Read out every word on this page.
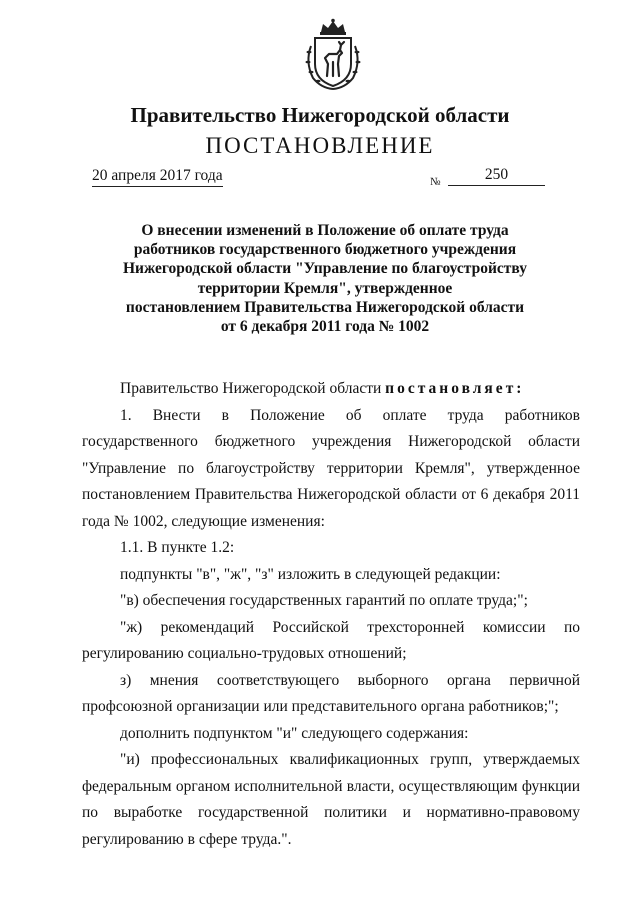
Правительство Нижегородской области
ПОСТАНОВЛЕНИЕ
20 апреля 2017 года	№	250
О внесении изменений в Положение об оплате труда
работников государственного бюджетного учреждения
Нижегородской области "Управление по благоустройству
территории Кремля", утвержденное
постановлением Правительства Нижегородской области
от 6 декабря 2011 года № 1002
Правительство Нижегородской области постановляет:
1. Внести в Положение об оплате труда работников
государственного бюджетного учреждения Нижегородской области
"Управление по благоустройству территории Кремля", утвержденное
постановлением Правительства Нижегородской области от 6 декабря 2011
года № 1002, следующие изменения:
1.1. В пункте 1.2:
подпункты "в", "ж", "з" изложить в следующей редакции:
"в) обеспечения государственных гарантий по оплате труда;";
"ж) рекомендаций Российской трехсторонней комиссии по
регулированию социально-трудовых отношений;
з) мнения соответствующего выборного органа первичной
профсоюзной организации или представительного органа работников;";
дополнить подпунктом "и" следующего содержания:
"и) профессиональных квалификационных групп, утверждаемых
федеральным органом исполнительной власти, осуществляющим функции
по выработке государственной политики и нормативно-правовому
регулированию в сфере труда.".
